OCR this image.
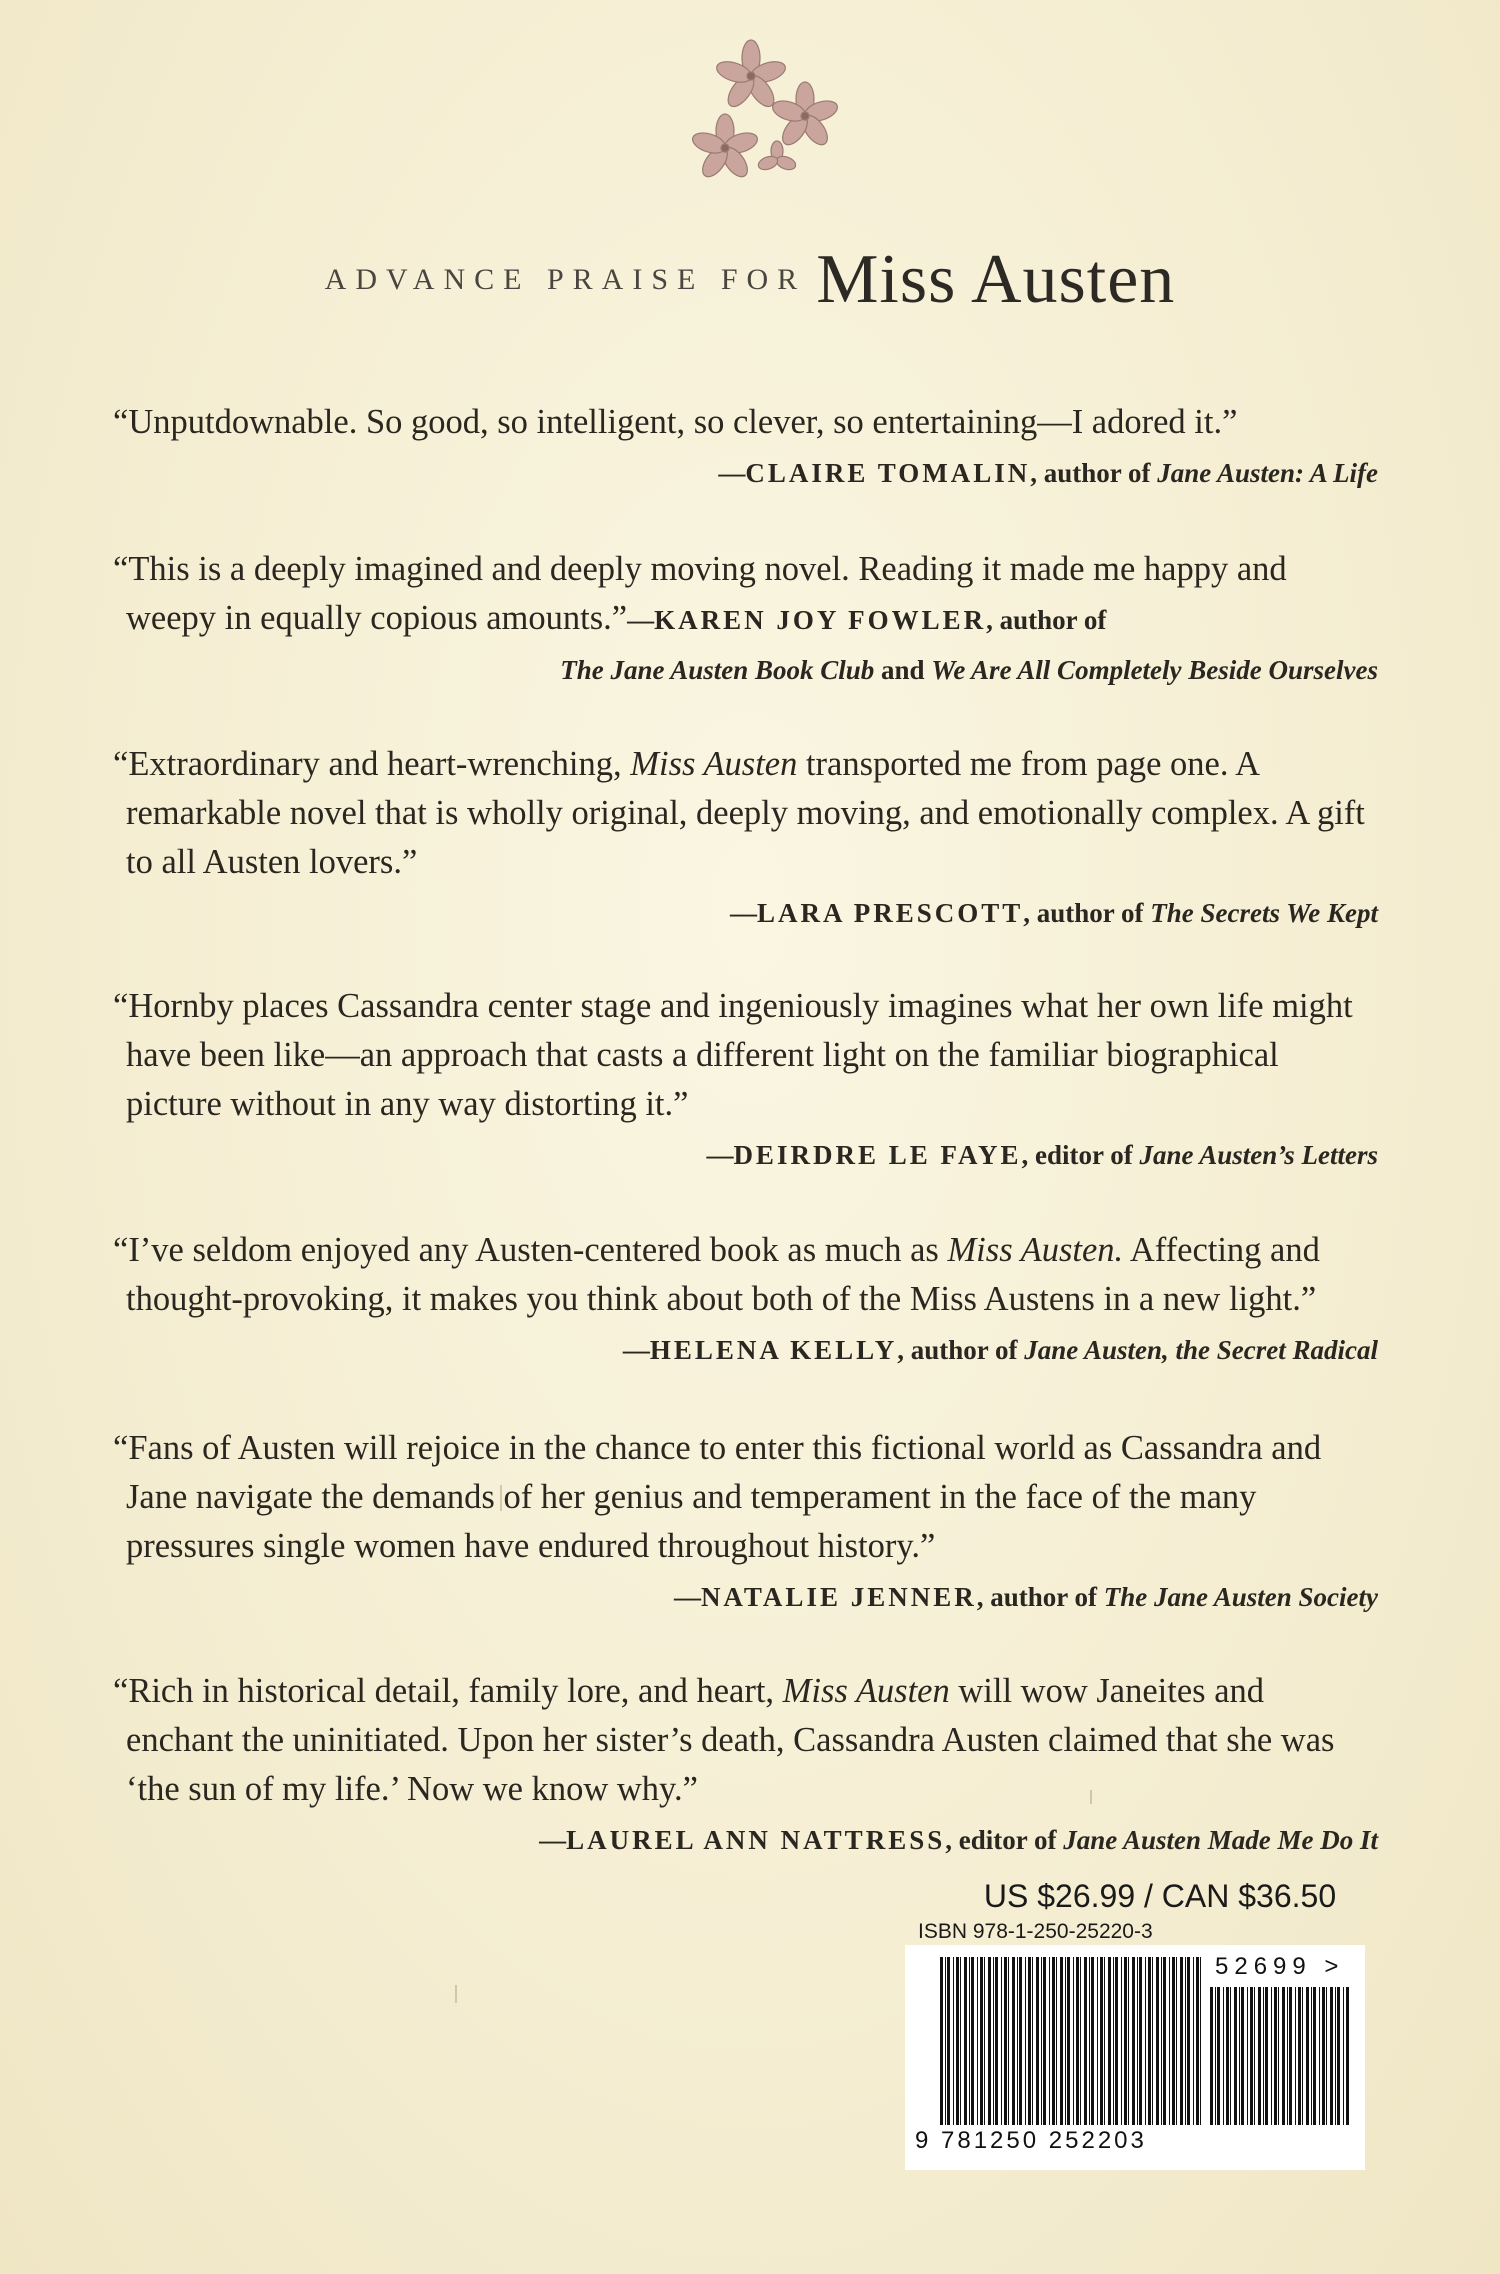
ADVANCE PRAISE FOR Miss Austen

“Unputdownable. So good, so intelligent, so clever, so entertaining—I adored it.”

—CLAIRE TOMALIN, author of Jane Austen: A Life

“This is a deeply imagined and deeply moving novel. Reading it made me happy and weepy in equally copious amounts.”—KAREN JOY FOWLER, author of

The Jane Austen Book Club and We Are All Completely Beside Ourselves

“Extraordinary and heart-wrenching, Miss Austen transported me from page one. A remarkable novel that is wholly original, deeply moving, and emotionally complex. A gift to all Austen lovers.”

—LARA PRESCOTT, author of The Secrets We Kept

“Hornby places Cassandra center stage and ingeniously imagines what her own life might have been like—an approach that casts a different light on the familiar biographical picture without in any way distorting it.”

—DEIRDRE LE FAYE, editor of Jane Austen’s Letters

“I’ve seldom enjoyed any Austen-centered book as much as Miss Austen. Affecting and thought-provoking, it makes you think about both of the Miss Austens in a new light.”

—HELENA KELLY, author of Jane Austen, the Secret Radical

“Fans of Austen will rejoice in the chance to enter this fictional world as Cassandra and Jane navigate the demands of her genius and temperament in the face of the many pressures single women have endured throughout history.”

—NATALIE JENNER, author of The Jane Austen Society

“Rich in historical detail, family lore, and heart, Miss Austen will wow Janeites and enchant the uninitiated. Upon her sister’s death, Cassandra Austen claimed that she was ‘the sun of my life.’ Now we know why.”

—LAUREL ANN NATTRESS, editor of Jane Austen Made Me Do It

US $26.99 / CAN $36.50
ISBN 978-1-250-25220-3
52699 >
9 781250 252203
